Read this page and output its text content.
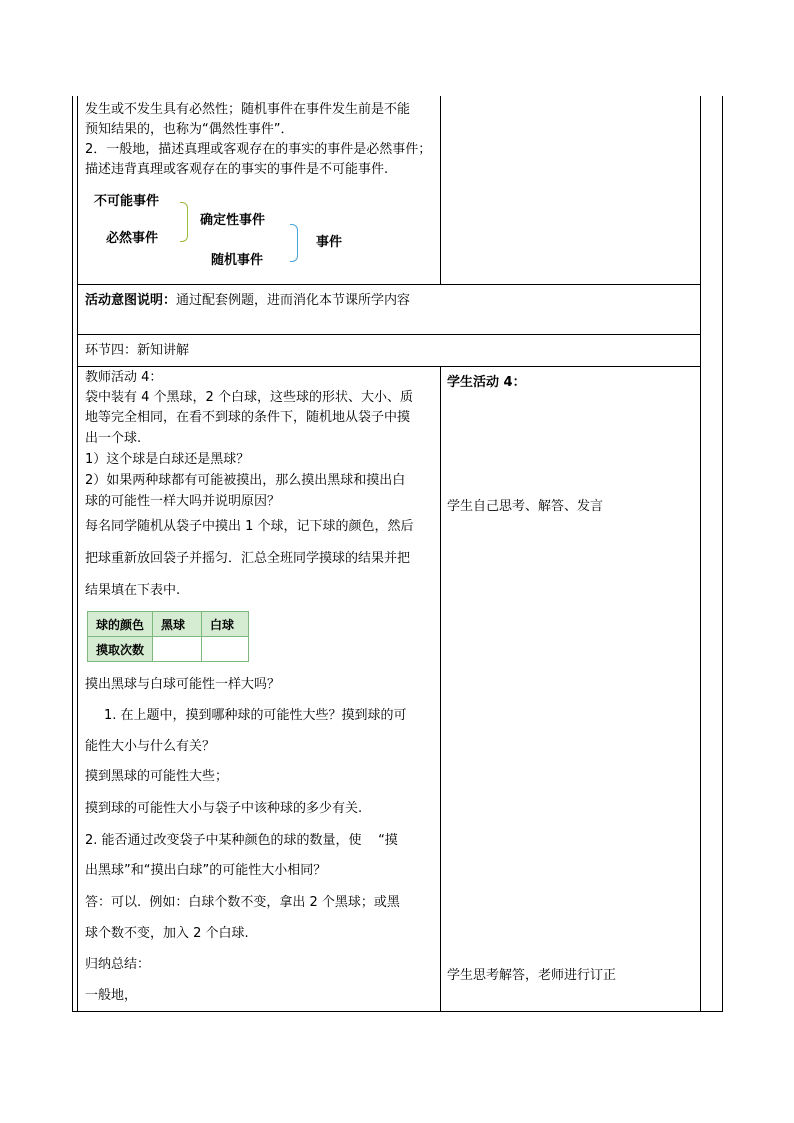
发生或不发生具有必然性；随机事件在事件发生前是不能
预知结果的，也称为“偶然性事件”．
2．一般地，描述真理或客观存在的事实的事件是必然事件；
描述违背真理或客观存在的事实的事件是不可能事件.
不可能事件
必然事件
确定性事件
随机事件
事件
活动意图说明：通过配套例题，进而消化本节课所学内容
环节四：新知讲解
教师活动 4：
袋中装有 4 个黑球，2 个白球，这些球的形状、大小、质
地等完全相同，在看不到球的条件下，随机地从袋子中摸
出一个球.
1）这个球是白球还是黑球？
2）如果两种球都有可能被摸出，那么摸出黑球和摸出白
球的可能性一样大吗并说明原因？
每名同学随机从袋子中摸出 1 个球，记下球的颜色，然后
把球重新放回袋子并摇匀．汇总全班同学摸球的结果并把
结果填在下表中.
球的颜色	黑球	白球
摸取次数		
摸出黑球与白球可能性一样大吗？
1. 在上题中，摸到哪种球的可能性大些？摸到球的可
能性大小与什么有关？
摸到黑球的可能性大些；
摸到球的可能性大小与袋子中该种球的多少有关.
2. 能否通过改变袋子中某种颜色的球的数量，使    “摸
出黑球”和“摸出白球”的可能性大小相同？
答：可以.  例如：白球个数不变，拿出 2 个黑球；或黑
球个数不变，加入 2 个白球.
归纳总结：
一般地，
学生活动 4：
学生自己思考、解答、发言
学生思考解答，老师进行订正
